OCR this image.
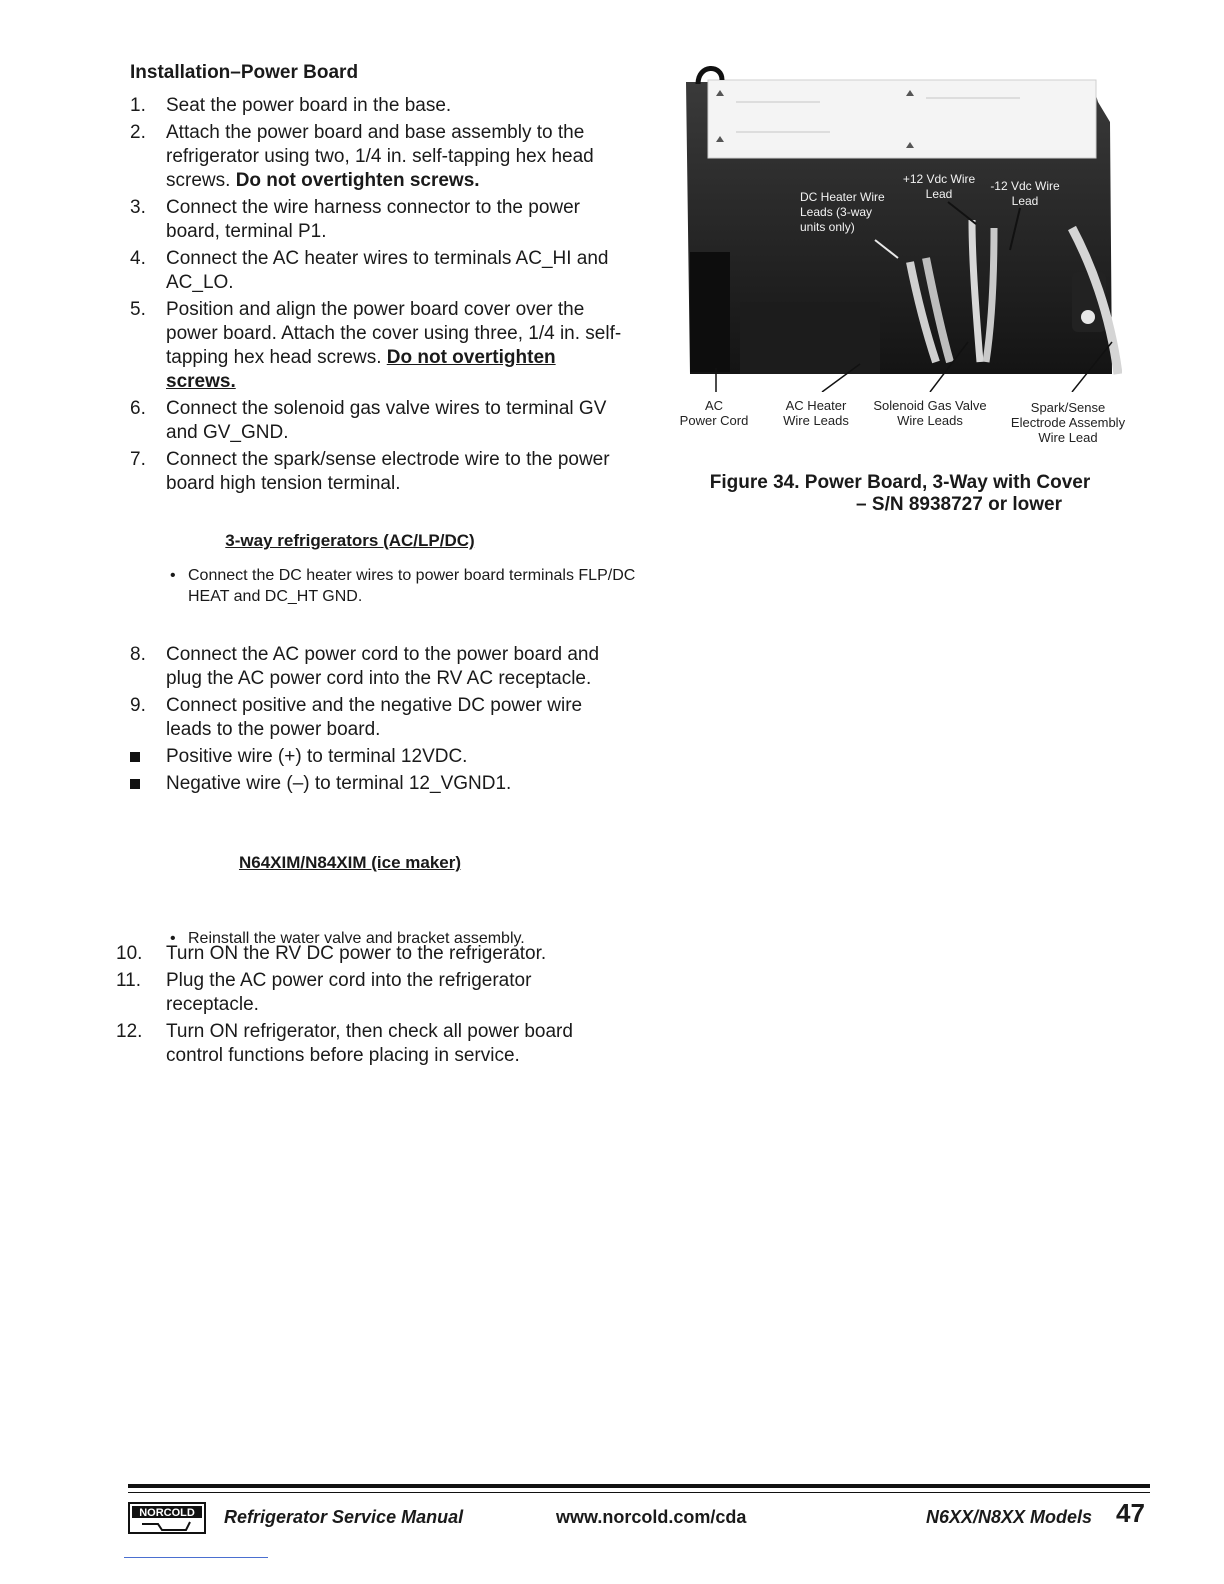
Installation–Power Board
1.	Seat the power board in the base.
2.	Attach the power board and base assembly to the refrigerator using two, 1/4 in. self-tapping hex head screws. Do not overtighten screws.
3.	Connect the wire harness connector to the power board, terminal P1.
4.	Connect the AC heater wires to terminals AC_HI and AC_LO.
5.	Position and align the power board cover over the power board. Attach the cover using three, 1/4 in. self-tapping hex head screws. Do not overtighten screws.
6.	Connect the solenoid gas valve wires to terminal GV and GV_GND.
7.	Connect the spark/sense electrode wire to the power board high tension terminal.
3-way refrigerators (AC/LP/DC)
• Connect the DC heater wires to power board terminals FLP/DC HEAT and DC_HT GND.
8.	Connect the AC power cord to the power board and plug the AC power cord into the RV AC receptacle.
9.	Connect positive and the negative DC power wire leads to the power board.
Positive wire (+) to terminal 12VDC.
Negative wire (–) to terminal 12_VGND1.
N64XIM/N84XIM (ice maker)
• Reinstall the water valve and bracket assembly.
10.	Turn ON the RV DC power to the refrigerator.
11.	Plug the AC power cord into the refrigerator receptacle.
12.	Turn ON refrigerator, then check all power board control functions before placing in service.
DC Heater Wire Leads (3-way units only)
+12 Vdc Wire Lead
-12 Vdc Wire Lead
AC
Power Cord
AC Heater
Wire Leads
Solenoid Gas Valve
Wire Leads
Spark/Sense
Electrode Assembly
Wire Lead
Figure 34. Power Board, 3-Way with Cover
– S/N 8938727 or lower
NORCOLD Refrigerator Service Manual	www.norcold.com/cda	N6XX/N8XX Models 47
